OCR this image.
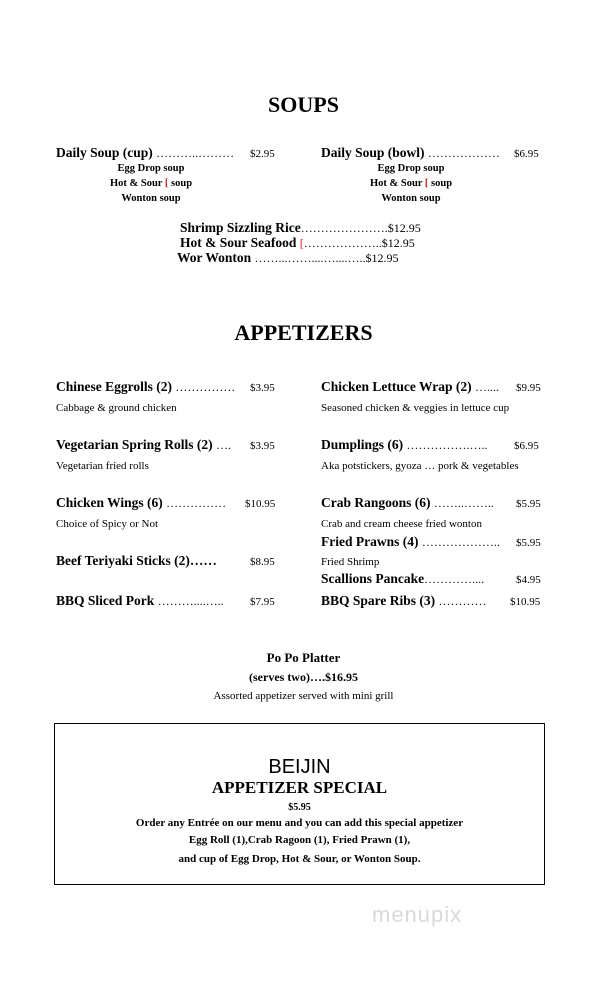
SOUPS
Daily Soup (cup) ………..……… $2.95
Egg Drop soup
Hot & Sour [ soup
Wonton soup
Daily Soup (bowl) ……………… $6.95
Egg Drop soup
Hot & Sour [ soup
Wonton soup
Shrimp Sizzling Rice………………….$12.95
Hot & Sour Seafood [………………..$12.95
Wor Wonton ……...……....…....…..$12.95
APPETIZERS
Chinese Eggrolls (2) …………… $3.95
Cabbage & ground chicken
Vegetarian Spring Rolls (2) …. $3.95
Vegetarian fried rolls
Chicken Wings (6) …………… $10.95
Choice of Spicy or Not
Beef Teriyaki Sticks (2)……	$8.95
BBQ Sliced Pork ………....….. $7.95
Chicken Lettuce Wrap (2) ….... $9.95
Seasoned chicken & veggies in lettuce cup
Dumplings (6) …………….….. $6.95
Aka potstickers, gyoza … pork & vegetables
Crab Rangoons (6) ……..…….. $5.95
Crab and cream cheese fried wonton
Fried Prawns (4) ……………….. $5.95
Fried Shrimp
Scallions Pancake…………....	$4.95
BBQ Spare Ribs (3) ………… $10.95
Po Po Platter
(serves two)….$16.95
Assorted appetizer served with mini grill
BEIJIN
APPETIZER SPECIAL
$5.95
Order any Entrée on our menu and you can add this special appetizer
Egg Roll (1),Crab Ragoon (1), Fried Prawn (1),
and cup of Egg Drop, Hot & Sour, or Wonton Soup.
menupix
